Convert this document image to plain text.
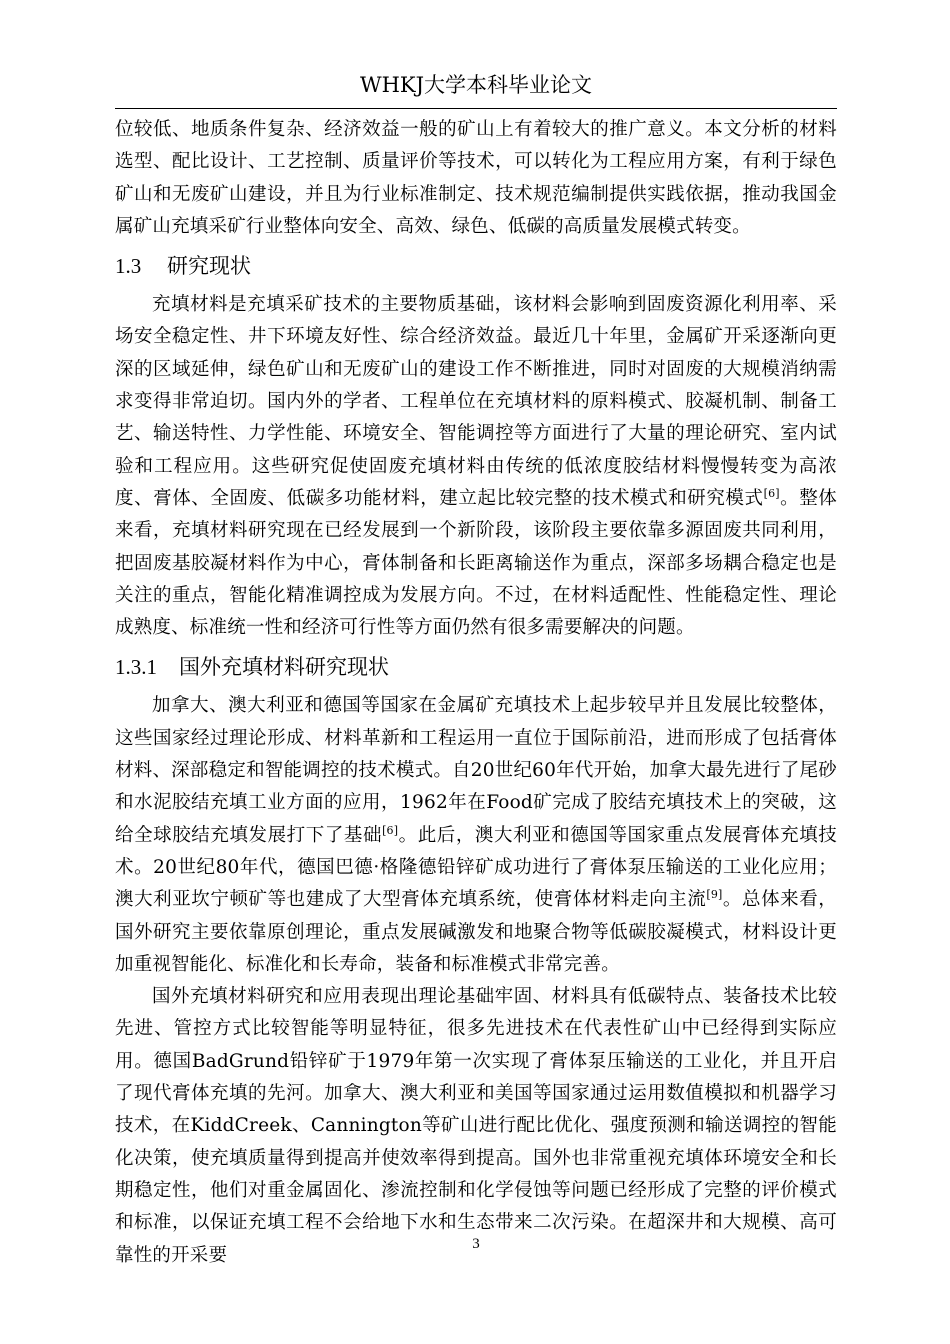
WHKJ大学本科毕业论文

位较低、地质条件复杂、经济效益一般的矿山上有着较大的推广意义。本文分析的材料选型、配比设计、工艺控制、质量评价等技术，可以转化为工程应用方案，有利于绿色矿山和无废矿山建设，并且为行业标准制定、技术规范编制提供实践依据，推动我国金属矿山充填采矿行业整体向安全、高效、绿色、低碳的高质量发展模式转变。

1.3 研究现状

充填材料是充填采矿技术的主要物质基础，该材料会影响到固废资源化利用率、采场安全稳定性、井下环境友好性、综合经济效益。最近几十年里，金属矿开采逐渐向更深的区域延伸，绿色矿山和无废矿山的建设工作不断推进，同时对固废的大规模消纳需求变得非常迫切。国内外的学者、工程单位在充填材料的原料模式、胶凝机制、制备工艺、输送特性、力学性能、环境安全、智能调控等方面进行了大量的理论研究、室内试验和工程应用。这些研究促使固废充填材料由传统的低浓度胶结材料慢慢转变为高浓度、膏体、全固废、低碳多功能材料，建立起比较完整的技术模式和研究模式[6]。整体来看，充填材料研究现在已经发展到一个新阶段，该阶段主要依靠多源固废共同利用，把固废基胶凝材料作为中心，膏体制备和长距离输送作为重点，深部多场耦合稳定也是关注的重点，智能化精准调控成为发展方向。不过，在材料适配性、性能稳定性、理论成熟度、标准统一性和经济可行性等方面仍然有很多需要解决的问题。

1.3.1 国外充填材料研究现状

加拿大、澳大利亚和德国等国家在金属矿充填技术上起步较早并且发展比较整体，这些国家经过理论形成、材料革新和工程运用一直位于国际前沿，进而形成了包括膏体材料、深部稳定和智能调控的技术模式。自20世纪60年代开始，加拿大最先进行了尾砂和水泥胶结充填工业方面的应用，1962年在Food矿完成了胶结充填技术上的突破，这给全球胶结充填发展打下了基础[6]。此后，澳大利亚和德国等国家重点发展膏体充填技术。20世纪80年代，德国巴德·格隆德铅锌矿成功进行了膏体泵压输送的工业化应用；澳大利亚坎宁顿矿等也建成了大型膏体充填系统，使膏体材料走向主流[9]。总体来看，国外研究主要依靠原创理论，重点发展碱激发和地聚合物等低碳胶凝模式，材料设计更加重视智能化、标准化和长寿命，装备和标准模式非常完善。

国外充填材料研究和应用表现出理论基础牢固、材料具有低碳特点、装备技术比较先进、管控方式比较智能等明显特征，很多先进技术在代表性矿山中已经得到实际应用。德国BadGrund铅锌矿于1979年第一次实现了膏体泵压输送的工业化，并且开启了现代膏体充填的先河。加拿大、澳大利亚和美国等国家通过运用数值模拟和机器学习技术，在KiddCreek、Cannington等矿山进行配比优化、强度预测和输送调控的智能化决策，使充填质量得到提高并使效率得到提高。国外也非常重视充填体环境安全和长期稳定性，他们对重金属固化、渗流控制和化学侵蚀等问题已经形成了完整的评价模式和标准，以保证充填工程不会给地下水和生态带来二次污染。在超深井和大规模、高可靠性的开采要

3
